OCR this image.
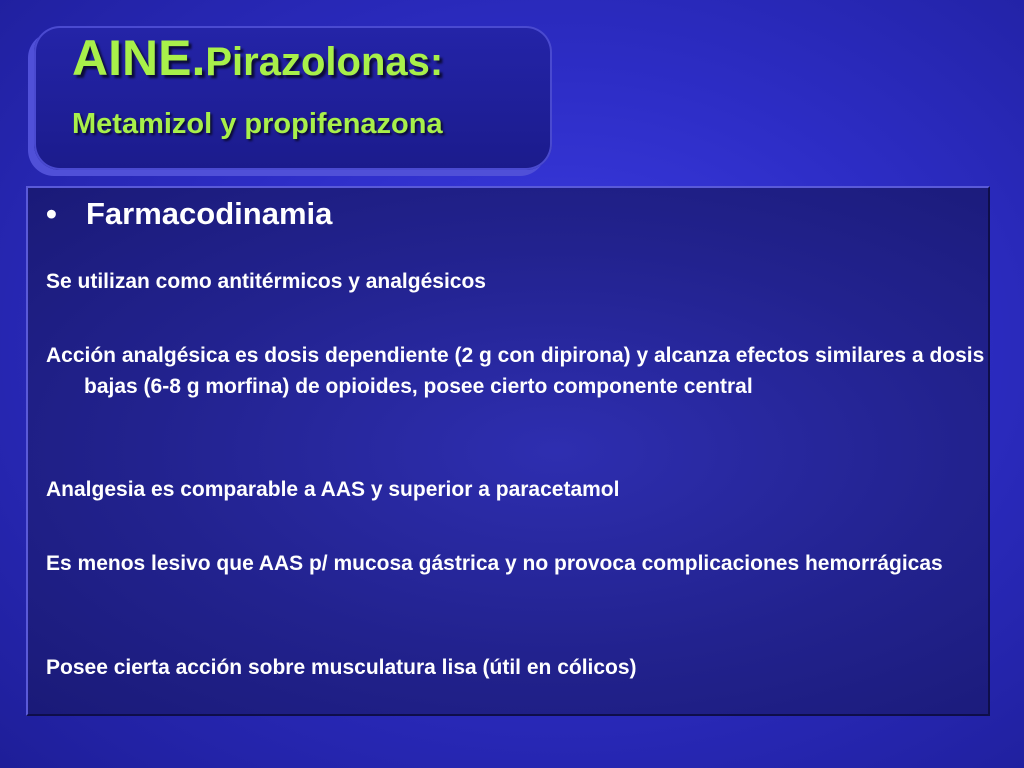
AINE.Pirazolonas:
Metamizol y propifenazona
• Farmacodinamia

Se utilizan como antitérmicos y analgésicos

Acción analgésica es dosis dependiente (2 g con dipirona) y alcanza efectos similares a dosis bajas (6-8 g morfina) de opioides, posee cierto componente central

Analgesia es comparable a AAS y superior a paracetamol

Es menos lesivo que AAS p/ mucosa gástrica y no provoca complicaciones hemorrágicas

Posee cierta acción sobre musculatura lisa (útil en cólicos)
